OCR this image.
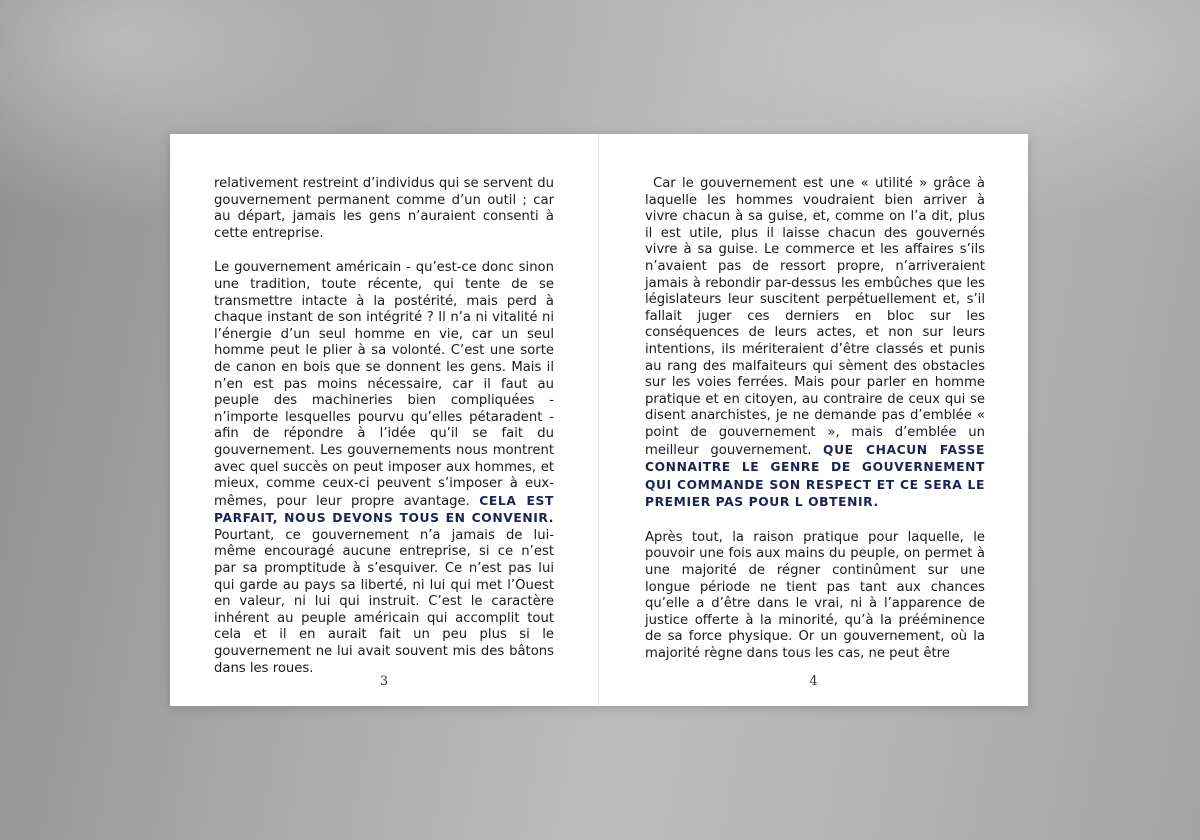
relativement restreint d’individus qui se servent du gouvernement permanent comme d’un outil ; car au départ, jamais les gens n’auraient consenti à cette entreprise.

Le gouvernement américain - qu’est-ce donc sinon une tradition, toute récente, qui tente de se transmettre intacte à la postérité, mais perd à chaque instant de son intégrité ? Il n’a ni vitalité ni l’énergie d’un seul homme en vie, car un seul homme peut le plier à sa volonté. C’est une sorte de canon en bois que se donnent les gens. Mais il n’en est pas moins nécessaire, car il faut au peuple des machineries bien compliquées - n’importe lesquelles pourvu qu’elles pétaradent - afin de répondre à l’idée qu’il se fait du gouvernement. Les gouvernements nous montrent avec quel succès on peut imposer aux hommes, et mieux, comme ceux-ci peuvent s’imposer à eux-mêmes, pour leur propre avantage. CELA EST PARFAIT, NOUS DEVONS TOUS EN CONVENIR. Pourtant, ce gouvernement n’a jamais de lui-même encouragé aucune entreprise, si ce n’est par sa promptitude à s’esquiver. Ce n’est pas lui qui garde au pays sa liberté, ni lui qui met l’Ouest en valeur, ni lui qui instruit. C’est le caractère inhérent au peuple américain qui accomplit tout cela et il en aurait fait un peu plus si le gouvernement ne lui avait souvent mis des bâtons dans les roues.

3

Car le gouvernement est une « utilité » grâce à laquelle les hommes voudraient bien arriver à vivre chacun à sa guise, et, comme on l’a dit, plus il est utile, plus il laisse chacun des gouvernés vivre à sa guise. Le commerce et les affaires s’ils n’avaient pas de ressort propre, n’arriveraient jamais à rebondir par-dessus les embûches que les législateurs leur suscitent perpétuellement et, s’il fallait juger ces derniers en bloc sur les conséquences de leurs actes, et non sur leurs intentions, ils mériteraient d’être classés et punis au rang des malfaiteurs qui sèment des obstacles sur les voies ferrées. Mais pour parler en homme pratique et en citoyen, au contraire de ceux qui se disent anarchistes, je ne demande pas d’emblée « point de gouvernement », mais d’emblée un meilleur gouvernement. QUE CHACUN FASSE CONNAITRE LE GENRE DE GOUVERNEMENT QUI COMMANDE SON RESPECT ET CE SERA LE PREMIER PAS POUR L OBTENIR.

Après tout, la raison pratique pour laquelle, le pouvoir une fois aux mains du peuple, on permet à une majorité de régner continûment sur une longue période ne tient pas tant aux chances qu’elle a d’être dans le vrai, ni à l’apparence de justice offerte à la minorité, qu’à la prééminence de sa force physique. Or un gouvernement, où la majorité règne dans tous les cas, ne peut être

4
